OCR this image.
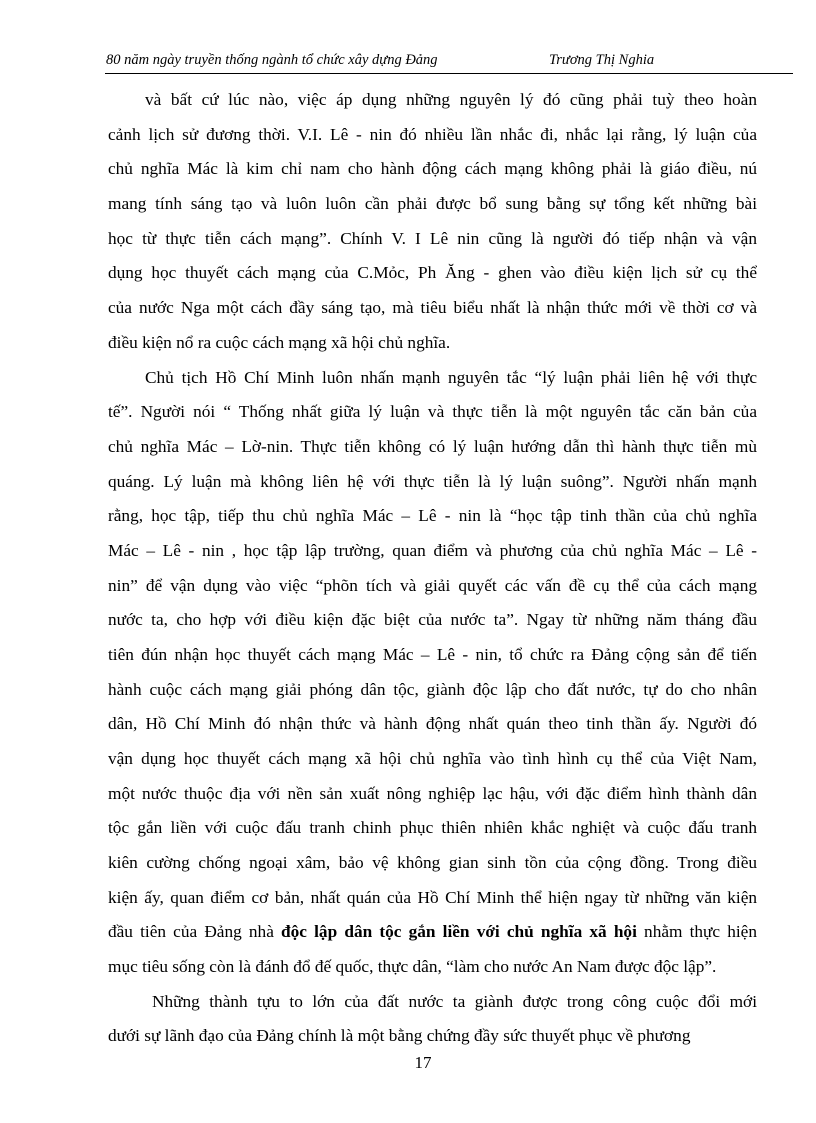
80 năm ngày truyền thống ngành tổ chức xây dựng Đảng	Trương Thị Nghia
và bất cứ lúc nào, việc áp dụng những nguyên lý đó cũng phải tuỳ theo hoàn
cảnh lịch sử đương thời. V.I. Lê - nin đó nhiều lần nhắc đi, nhắc lại rằng, lý luận của
chủ nghĩa Mác là kim chỉ nam cho hành động cách mạng không phải là giáo điều, nú
mang tính sáng tạo và luôn luôn cần phải được bổ sung bằng sự tổng kết những bài
học từ thực tiễn cách mạng”. Chính V. I Lê nin cũng là người đó tiếp nhận và vận
dụng học thuyết cách mạng của C.Mỏc, Ph Ăng - ghen vào điều kiện lịch sử cụ thể
của nước Nga một cách đầy sáng tạo, mà tiêu biểu nhất là nhận thức mới về thời cơ và
điều kiện nổ ra cuộc cách mạng xã hội chủ nghĩa.
Chủ tịch Hồ Chí Minh luôn nhấn mạnh nguyên tắc “lý luận phải liên hệ với thực
tế”. Người nói “ Thống nhất giữa lý luận và thực tiễn là một nguyên tắc căn bản của
chủ nghĩa Mác – Lờ-nin. Thực tiễn không có lý luận hướng dẫn thì hành thực tiễn mù
quáng. Lý luận mà không liên hệ với thực tiễn là lý luận suông”. Người nhấn mạnh
rằng, học tập, tiếp thu chủ nghĩa Mác – Lê - nin là “học tập tinh thần của chủ nghĩa
Mác – Lê - nin , học tập lập trường, quan điểm và phương của chủ nghĩa Mác – Lê -
nin” để vận dụng vào việc “phõn tích và giải quyết các vấn đề cụ thể của cách mạng
nước ta, cho hợp với điều kiện đặc biệt của nước ta”. Ngay từ những năm tháng đầu
tiên đún nhận học thuyết cách mạng Mác – Lê - nin, tổ chức ra Đảng cộng sản để tiến
hành cuộc cách mạng giải phóng dân tộc, giành độc lập cho đất nước, tự do cho nhân
dân, Hồ Chí Minh đó nhận thức và hành động nhất quán theo tinh thần ấy. Người đó
vận dụng học thuyết cách mạng xã hội chủ nghĩa vào tình hình cụ thể của Việt Nam,
một nước thuộc địa với nền sản xuất nông nghiệp lạc hậu, với đặc điểm hình thành dân
tộc gắn liền với cuộc đấu tranh chinh phục thiên nhiên khắc nghiệt và cuộc đấu tranh
kiên cường chống ngoại xâm, bảo vệ không gian sinh tồn của cộng đồng. Trong điều
kiện ấy, quan điểm cơ bản, nhất quán của Hồ Chí Minh thể hiện ngay từ những văn kiện
đầu tiên của Đảng nhà độc lập dân tộc gắn liền với chủ nghĩa xã hội nhằm thực hiện
mục tiêu sống còn là đánh đổ đế quốc, thực dân, “làm cho nước An Nam được độc lập”.
Những thành tựu to lớn của đất nước ta giành được trong công cuộc đổi mới
dưới sự lãnh đạo của Đảng chính là một bằng chứng đầy sức thuyết phục về phương
17
